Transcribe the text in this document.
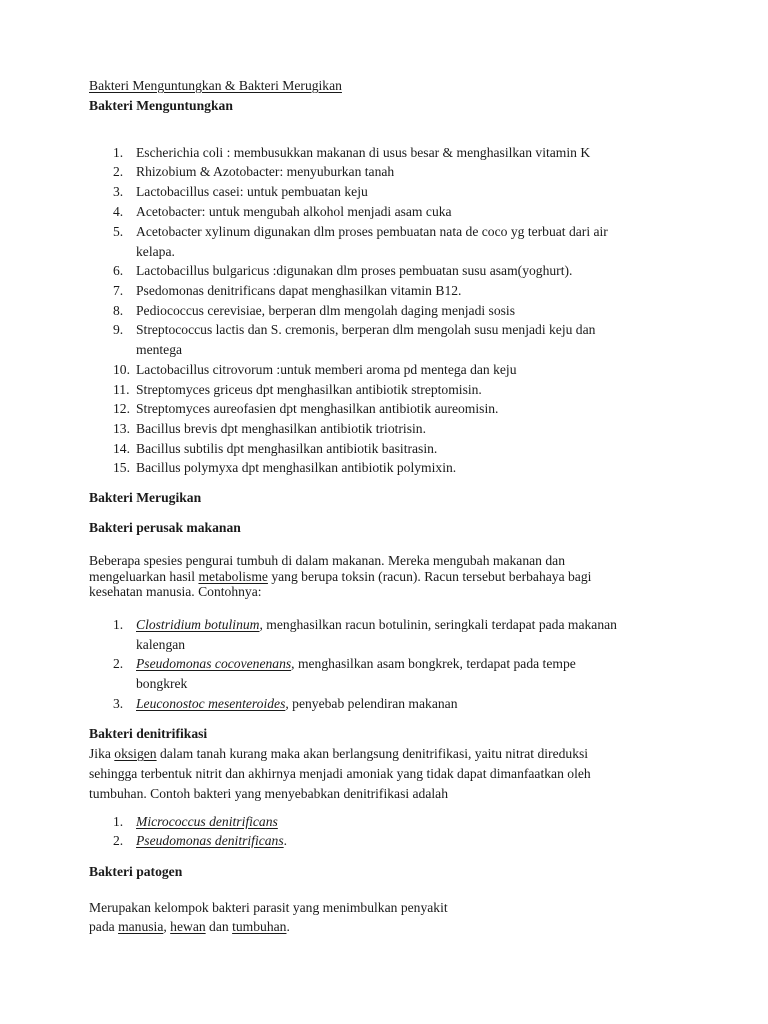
Bakteri Menguntungkan & Bakteri Merugikan
Bakteri Menguntungkan
1. Escherichia coli : membusukkan makanan di usus besar & menghasilkan vitamin K
2. Rhizobium & Azotobacter: menyuburkan tanah
3. Lactobacillus casei: untuk pembuatan keju
4. Acetobacter: untuk mengubah alkohol menjadi asam cuka
5. Acetobacter xylinum digunakan dlm proses pembuatan nata de coco yg terbuat dari air
kelapa.
6. Lactobacillus bulgaricus :digunakan dlm proses pembuatan susu asam(yoghurt).
7. Psedomonas denitrificans dapat menghasilkan vitamin B12.
8. Pediococcus cerevisiae, berperan dlm mengolah daging menjadi sosis
9. Streptococcus lactis dan S. cremonis, berperan dlm mengolah susu menjadi keju dan
mentega
10. Lactobacillus citrovorum :untuk memberi aroma pd mentega dan keju
11. Streptomyces griceus dpt menghasilkan antibiotik streptomisin.
12. Streptomyces aureofasien dpt menghasilkan antibiotik aureomisin.
13. Bacillus brevis dpt menghasilkan antibiotik triotrisin.
14. Bacillus subtilis dpt menghasilkan antibiotik basitrasin.
15. Bacillus polymyxa dpt menghasilkan antibiotik polymixin.
Bakteri Merugikan
Bakteri perusak makanan
Beberapa spesies pengurai tumbuh di dalam makanan. Mereka mengubah makanan dan
mengeluarkan hasil metabolisme yang berupa toksin (racun). Racun tersebut berbahaya bagi
kesehatan manusia. Contohnya:
1. Clostridium botulinum, menghasilkan racun botulinin, seringkali terdapat pada makanan
kalengan
2. Pseudomonas cocovenenans, menghasilkan asam bongkrek, terdapat pada tempe
bongkrek
3. Leuconostoc mesenteroides, penyebab pelendiran makanan
Bakteri denitrifikasi
Jika oksigen dalam tanah kurang maka akan berlangsung denitrifikasi, yaitu nitrat direduksi
sehingga terbentuk nitrit dan akhirnya menjadi amoniak yang tidak dapat dimanfaatkan oleh
tumbuhan. Contoh bakteri yang menyebabkan denitrifikasi adalah
1. Micrococcus denitrificans
2. Pseudomonas denitrificans.
Bakteri patogen
Merupakan kelompok bakteri parasit yang menimbulkan penyakit
pada manusia, hewan dan tumbuhan.
